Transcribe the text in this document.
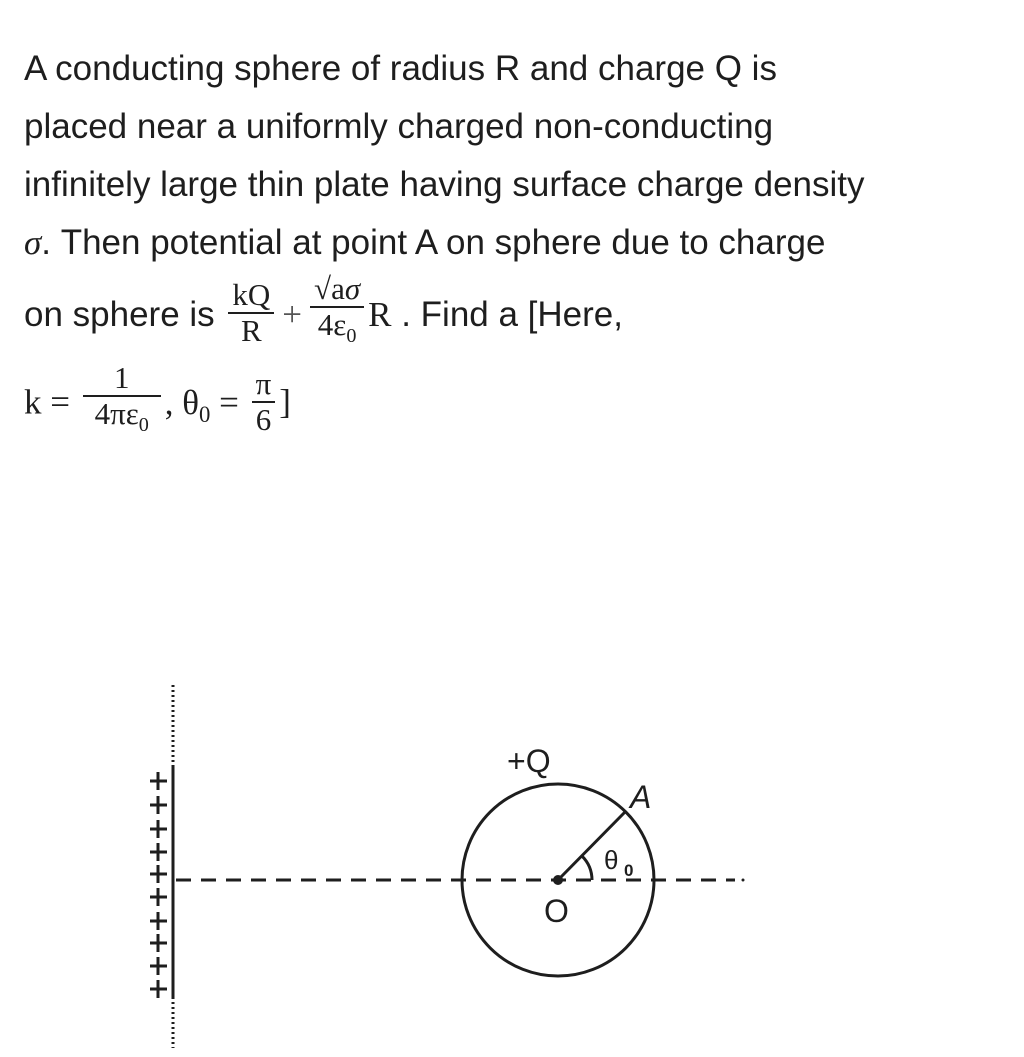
A conducting sphere of radius R and charge Q is
placed near a uniformly charged non-conducting
infinitely large thin plate having surface charge density
σ. Then potential at point A on sphere due to charge
on sphere is $\frac{kQ}{R} + \frac{√a\sigma}{4\varepsilon_0}$ R . Find a [Here,
$k = \frac{1}{4\pi\varepsilon_0}$ , $\theta_0 = \frac{\pi}{6}$ ]
+Q
A
O
θ 0
